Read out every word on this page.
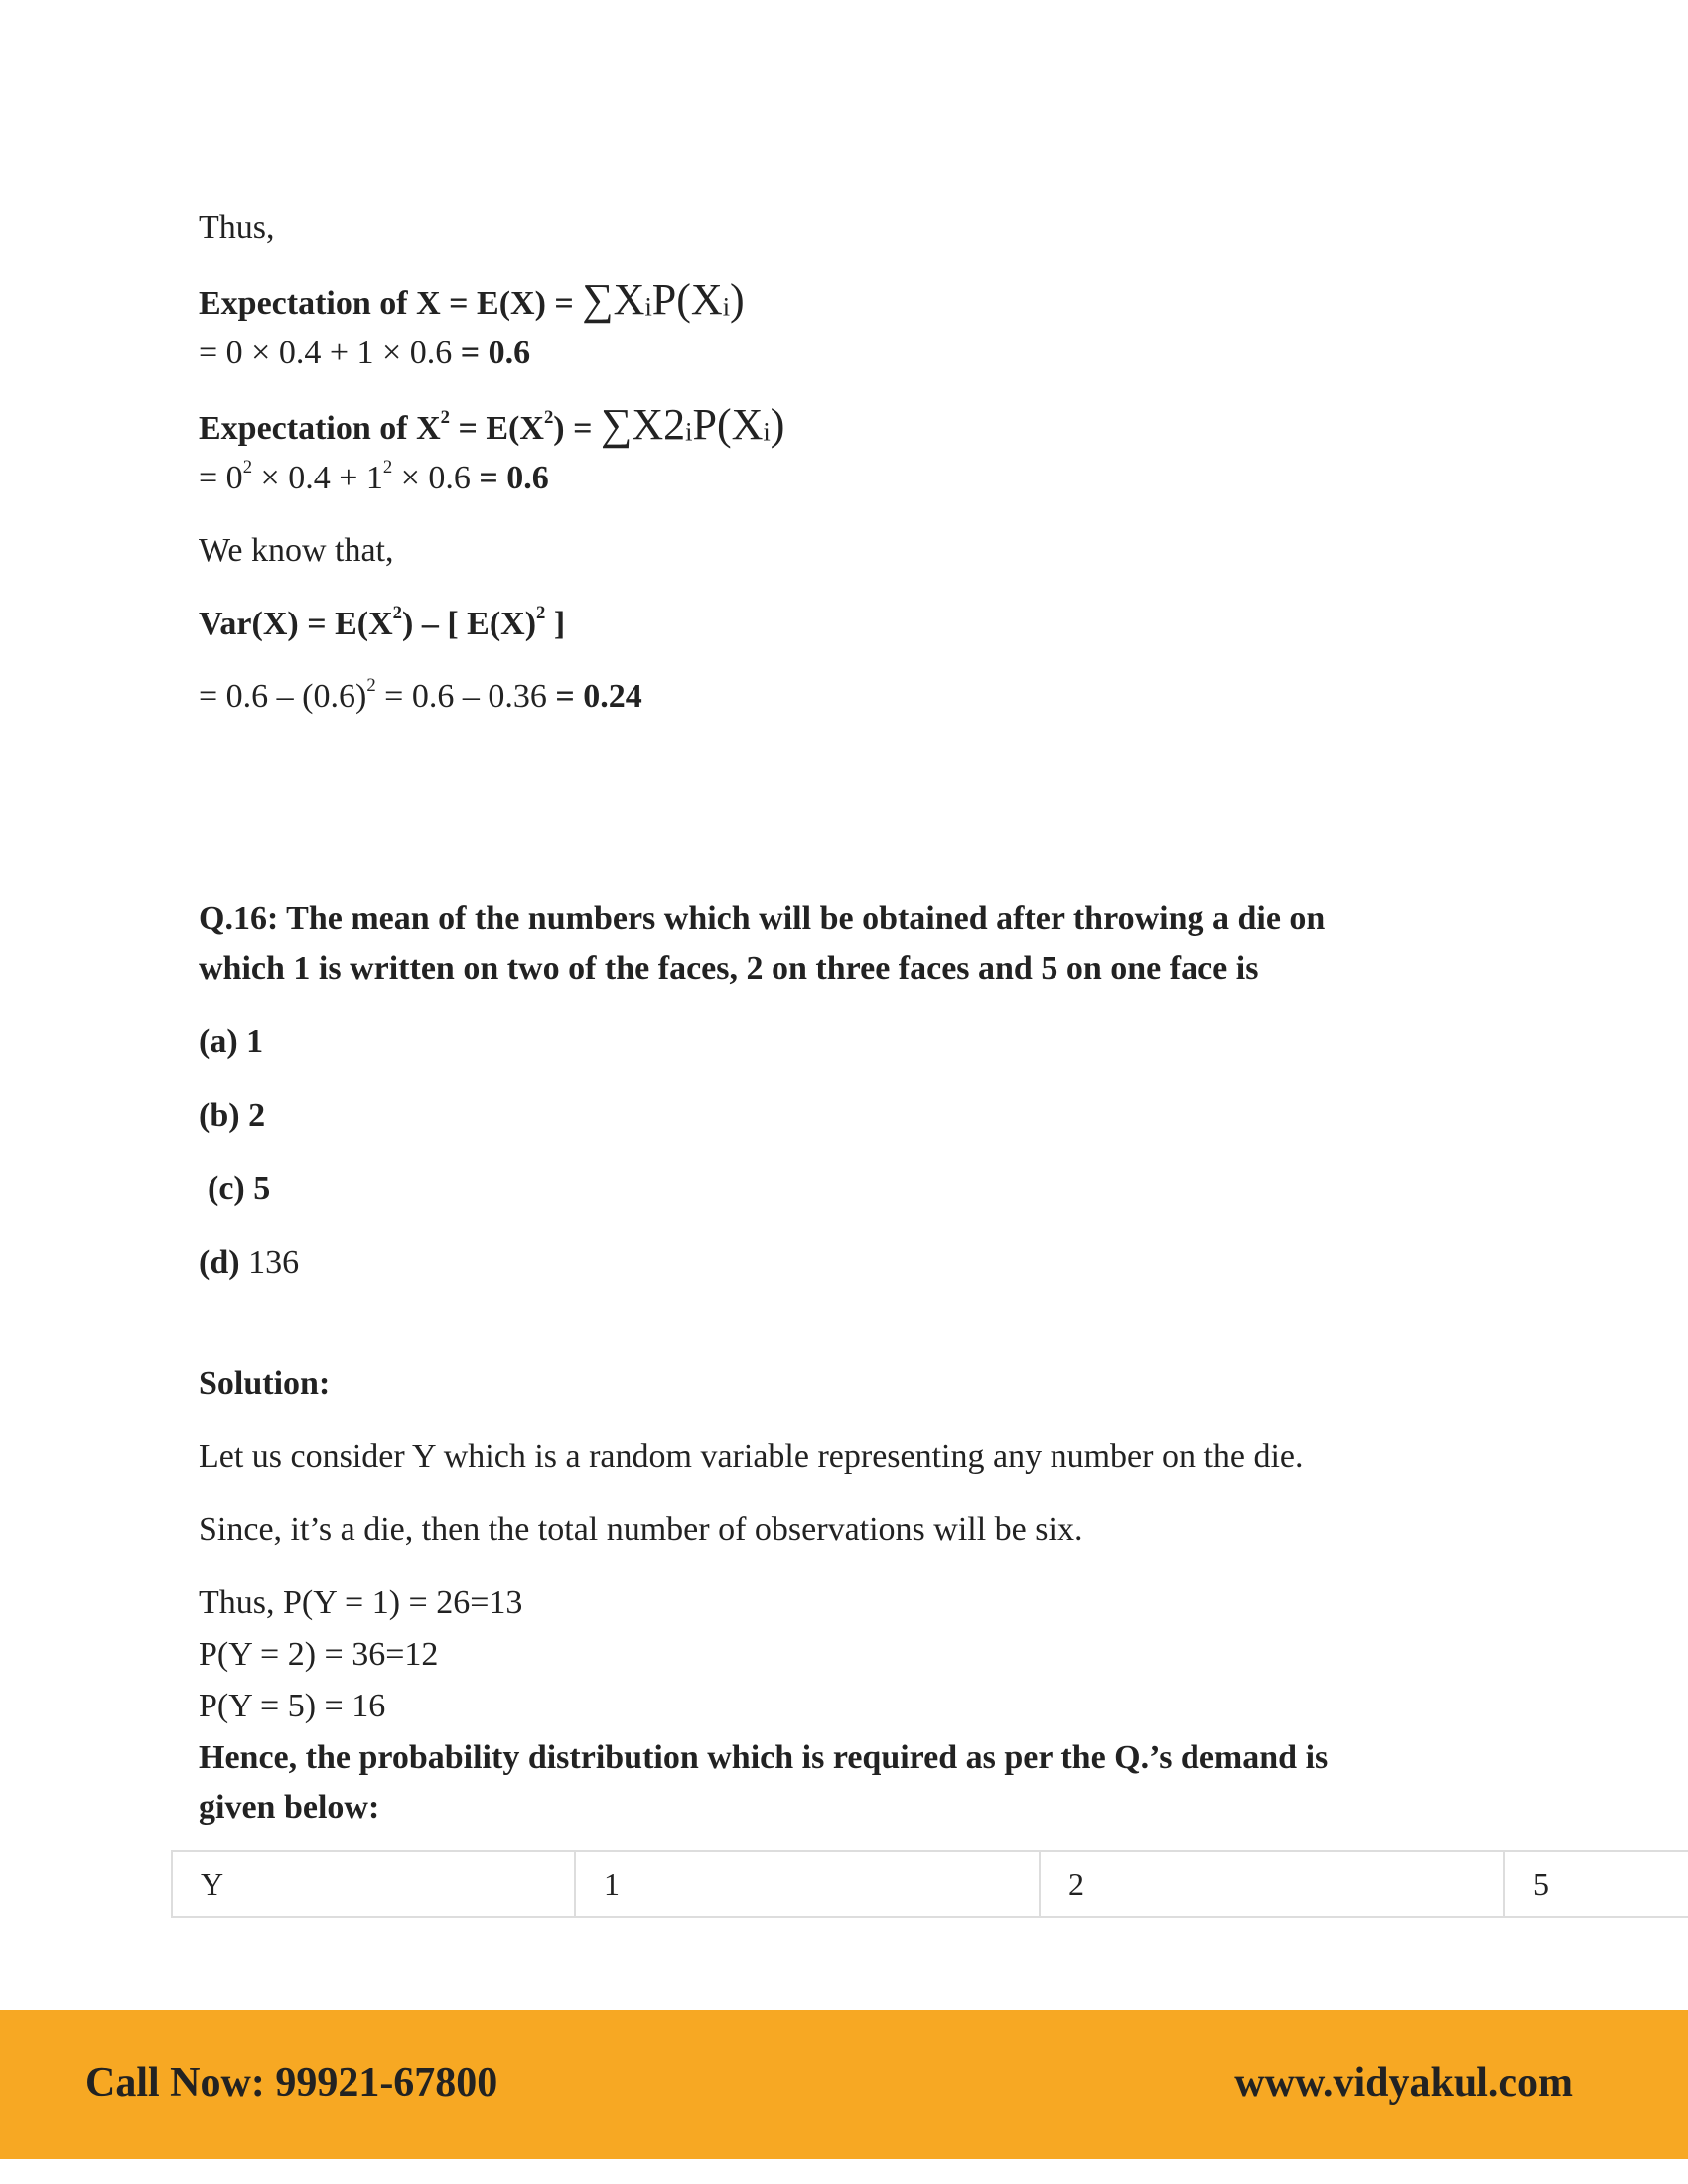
Thus,
Expectation of $X = E(X) = \sum X_iP(X_i)$
= 0 × 0.4 + 1 × 0.6 = 0.6
Expectation of $X^2 = E(X^2) = \sum X2_iP(X_i)$
= $0^2 \times 0.4 + 1^2 \times 0.6 = 0.6$
We know that,
$Var(X) = E(X^2)$ – [ $E(X)^2$ ]
= $0.6 - (0.6)^2 = 0.6 - 0.36 = 0.24$
Q.16: The mean of the numbers which will be obtained after throwing a die on
which 1 is written on two of the faces, 2 on three faces and 5 on one face is
(a) 1
(b) 2
(c) 5
(d) 136
Solution:
Let us consider Y which is a random variable representing any number on the die.
Since, it’s a die, then the total number of observations will be six.
Thus, P(Y = 1) = 26=13
P(Y = 2) = 36=12
P(Y = 5) = 16
Hence, the probability distribution which is required as per the Q.’s demand is
given below:
Y	1	2	5
Call Now: 99921-67800	www.vidyakul.com
